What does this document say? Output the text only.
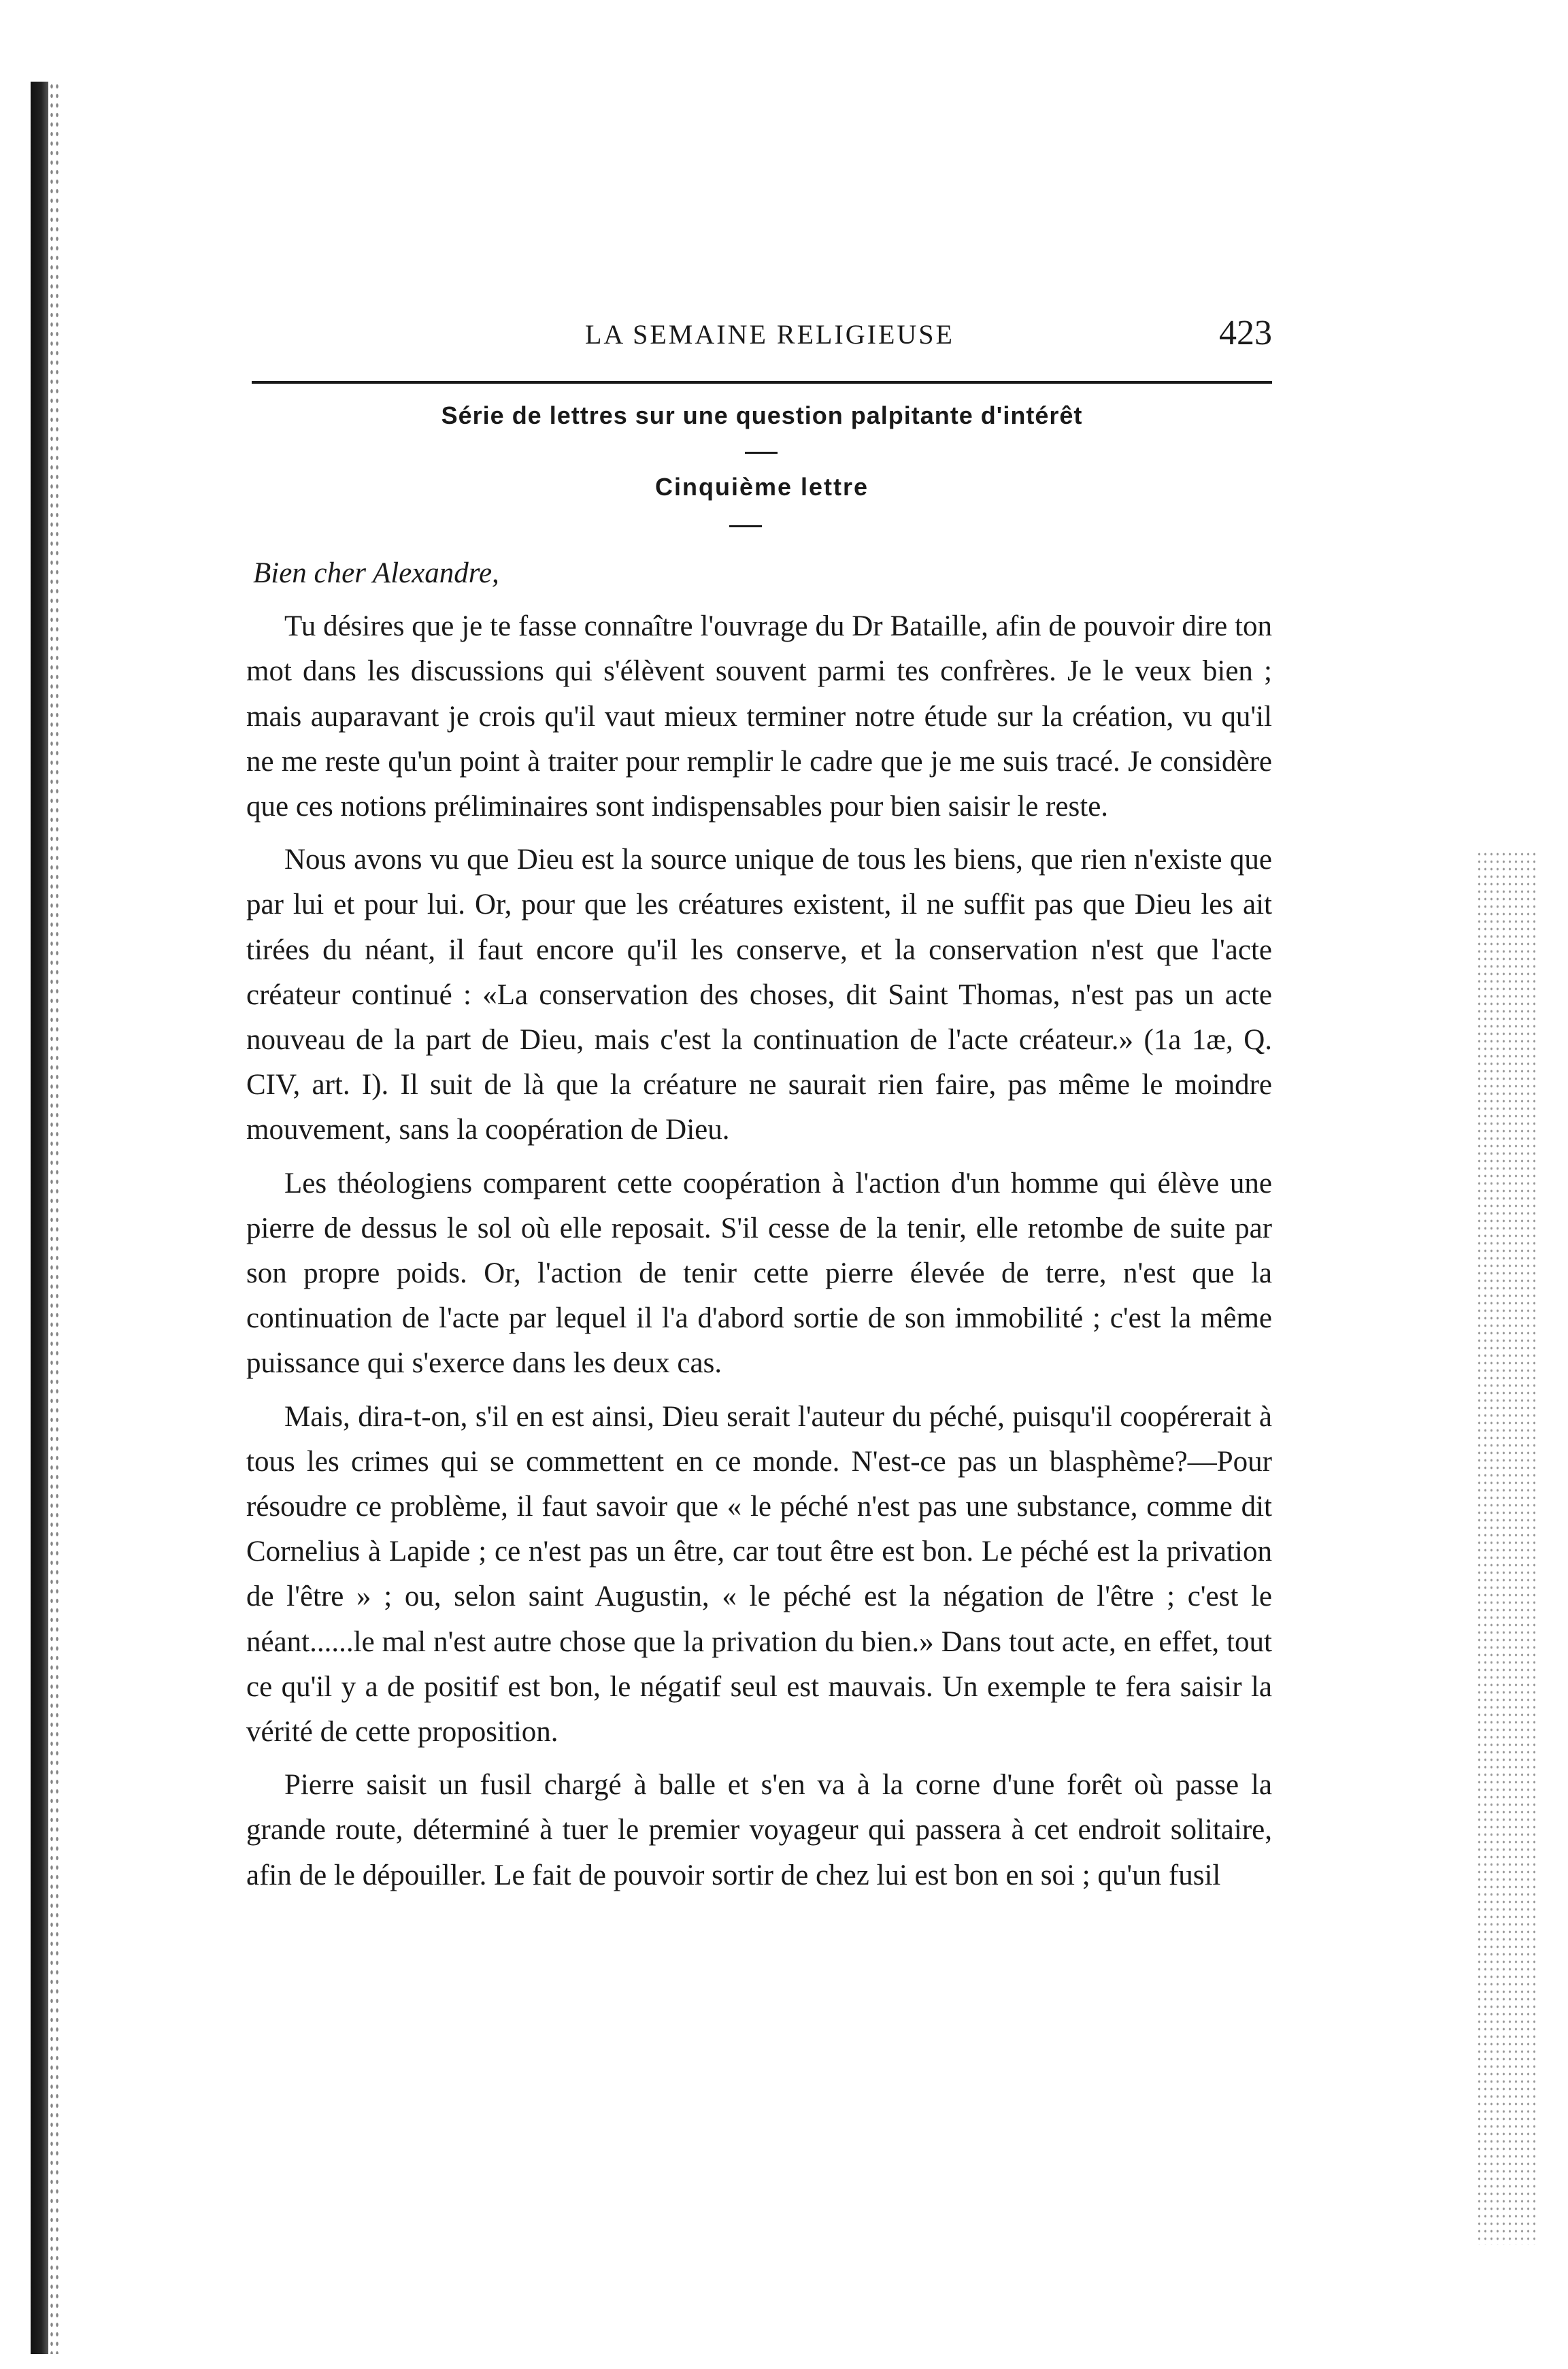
LA SEMAINE RELIGIEUSE	423
Série de lettres sur une question palpitante d'intérêt
Cinquième lettre

Bien cher Alexandre,

Tu désires que je te fasse connaître l'ouvrage du Dr Bataille, afin de pouvoir dire ton mot dans les discussions qui s'élèvent souvent parmi tes confrères. Je le veux bien ; mais auparavant je crois qu'il vaut mieux terminer notre étude sur la création, vu qu'il ne me reste qu'un point à traiter pour remplir le cadre que je me suis tracé. Je considère que ces notions préliminaires sont indispensables pour bien saisir le reste.

Nous avons vu que Dieu est la source unique de tous les biens, que rien n'existe que par lui et pour lui. Or, pour que les créatures existent, il ne suffit pas que Dieu les ait tirées du néant, il faut encore qu'il les conserve, et la conservation n'est que l'acte créateur continué : «La conservation des choses, dit Saint Thomas, n'est pas un acte nouveau de la part de Dieu, mais c'est la continuation de l'acte créateur.» (1a 1æ, Q. CIV, art. I). Il suit de là que la créature ne saurait rien faire, pas même le moindre mouvement, sans la coopération de Dieu.

Les théologiens comparent cette coopération à l'action d'un homme qui élève une pierre de dessus le sol où elle reposait. S'il cesse de la tenir, elle retombe de suite par son propre poids. Or, l'action de tenir cette pierre élevée de terre, n'est que la continuation de l'acte par lequel il l'a d'abord sortie de son immobilité ; c'est la même puissance qui s'exerce dans les deux cas.

Mais, dira-t-on, s'il en est ainsi, Dieu serait l'auteur du péché, puisqu'il coopérerait à tous les crimes qui se commettent en ce monde. N'est-ce pas un blasphème?—Pour résoudre ce problème, il faut savoir que « le péché n'est pas une substance, comme dit Cornelius à Lapide ; ce n'est pas un être, car tout être est bon. Le péché est la privation de l'être » ; ou, selon saint Augustin, « le péché est la négation de l'être ; c'est le néant......le mal n'est autre chose que la privation du bien.» Dans tout acte, en effet, tout ce qu'il y a de positif est bon, le négatif seul est mauvais. Un exemple te fera saisir la vérité de cette proposition.

Pierre saisit un fusil chargé à balle et s'en va à la corne d'une forêt où passe la grande route, déterminé à tuer le premier voyageur qui passera à cet endroit solitaire, afin de le dépouiller. Le fait de pouvoir sortir de chez lui est bon en soi ; qu'un fusil
